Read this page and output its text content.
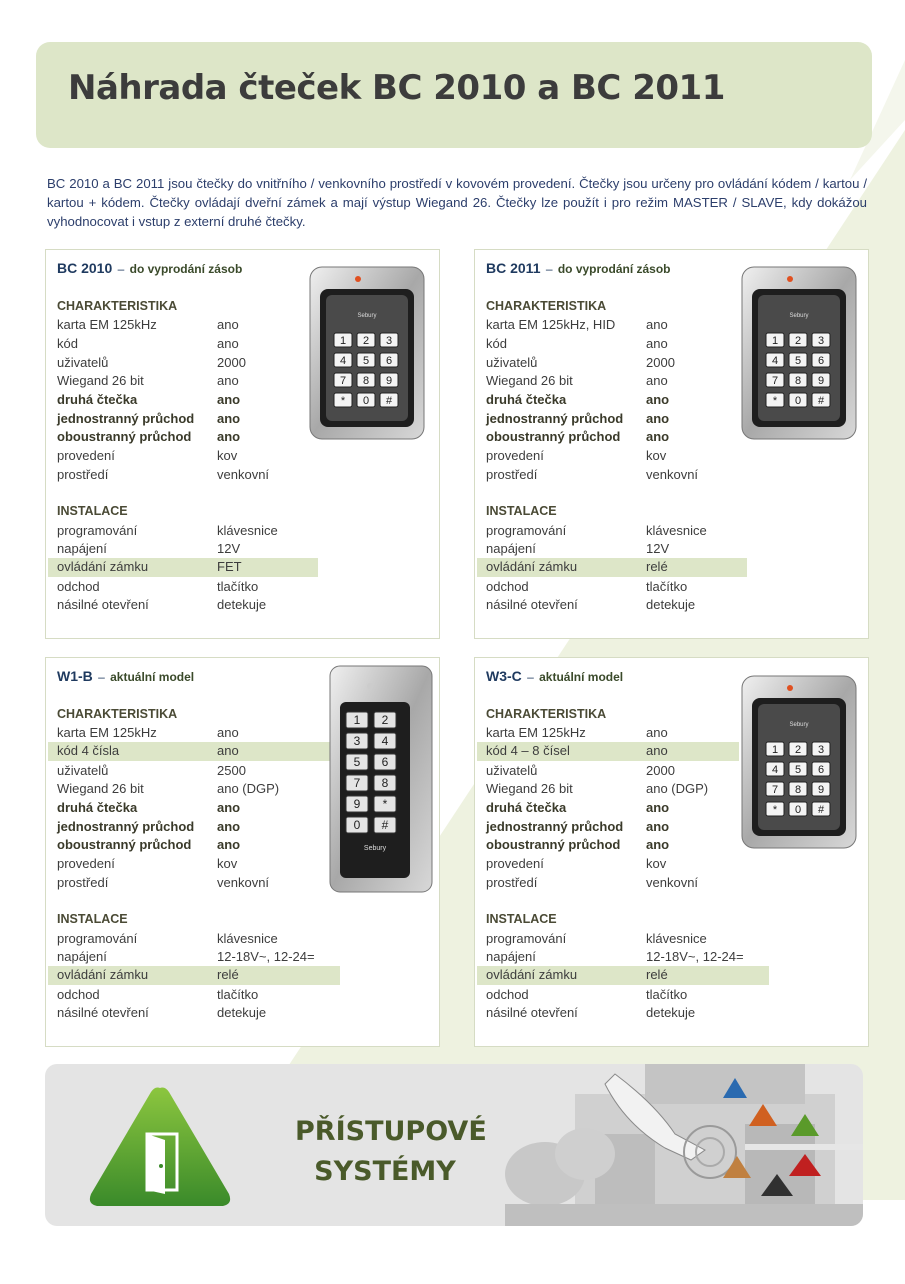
Náhrada čteček BC 2010 a BC 2011

BC 2010 a BC 2011 jsou čtečky do vnitřního / venkovního prostředí v kovovém provedení. Čtečky jsou určeny pro ovládání kódem / kartou / kartou + kódem. Čtečky ovládají dveřní zámek a mají výstup Wiegand 26. Čtečky lze použít i pro režim MASTER / SLAVE, kdy dokážou vyhodnocovat i vstup z externí druhé čtečky.

BC 2010 – do vyprodání zásob
CHARAKTERISTIKA
karta EM 125kHz	ano
kód	ano
uživatelů	2000
Wiegand 26 bit	ano
druhá čtečka	ano
jednostranný průchod ano
oboustranný průchod ano
provedení	kov
prostředí	venkovní
INSTALACE
programování	klávesnice
napájení	12V
ovládání zámku	FET
odchod	tlačítko
násilné otevření	detekuje
BC 2011 – do vyprodání zásob
CHARAKTERISTIKA
karta EM 125kHz, HID ano
kód	ano
uživatelů	2000
Wiegand 26 bit	ano
druhá čtečka	ano
jednostranný průchod ano
oboustranný průchod ano
provedení	kov
prostředí	venkovní
INSTALACE
programování	klávesnice
napájení	12V
ovládání zámku	relé
odchod	tlačítko
násilné otevření	detekuje
W1-B – aktuální model
CHARAKTERISTIKA
karta EM 125kHz	ano
kód 4 čísla	ano
uživatelů	2500
Wiegand 26 bit	ano (DGP)
druhá čtečka	ano
jednostranný průchod ano
oboustranný průchod ano
provedení	kov
prostředí	venkovní
INSTALACE
programování	klávesnice
napájení	12-18V~, 12-24=
ovládání zámku	relé
odchod	tlačítko
násilné otevření	detekuje
W3-C – aktuální model
CHARAKTERISTIKA
karta EM 125kHz	ano
kód 4 – 8 čísel	ano
uživatelů	2000
Wiegand 26 bit	ano (DGP)
druhá čtečka	ano
jednostranný průchod ano
oboustranný průchod ano
provedení	kov
prostředí	venkovní
INSTALACE
programování	klávesnice
napájení	12-18V~, 12-24=
ovládání zámku	relé
odchod	tlačítko
násilné otevření	detekuje
Sebury
1 2 3
4 5 6
7 8 9
* 0 #
Sebury
1 2 3
4 5 6
7 8 9
* 0 #
Sebury
1 2 3
4 5 6
7 8 9
* 0 #
1 2
3 4
5 6
7 8
9 *
0 #
Sebury
PŘÍSTUPOVÉ
SYSTÉMY
